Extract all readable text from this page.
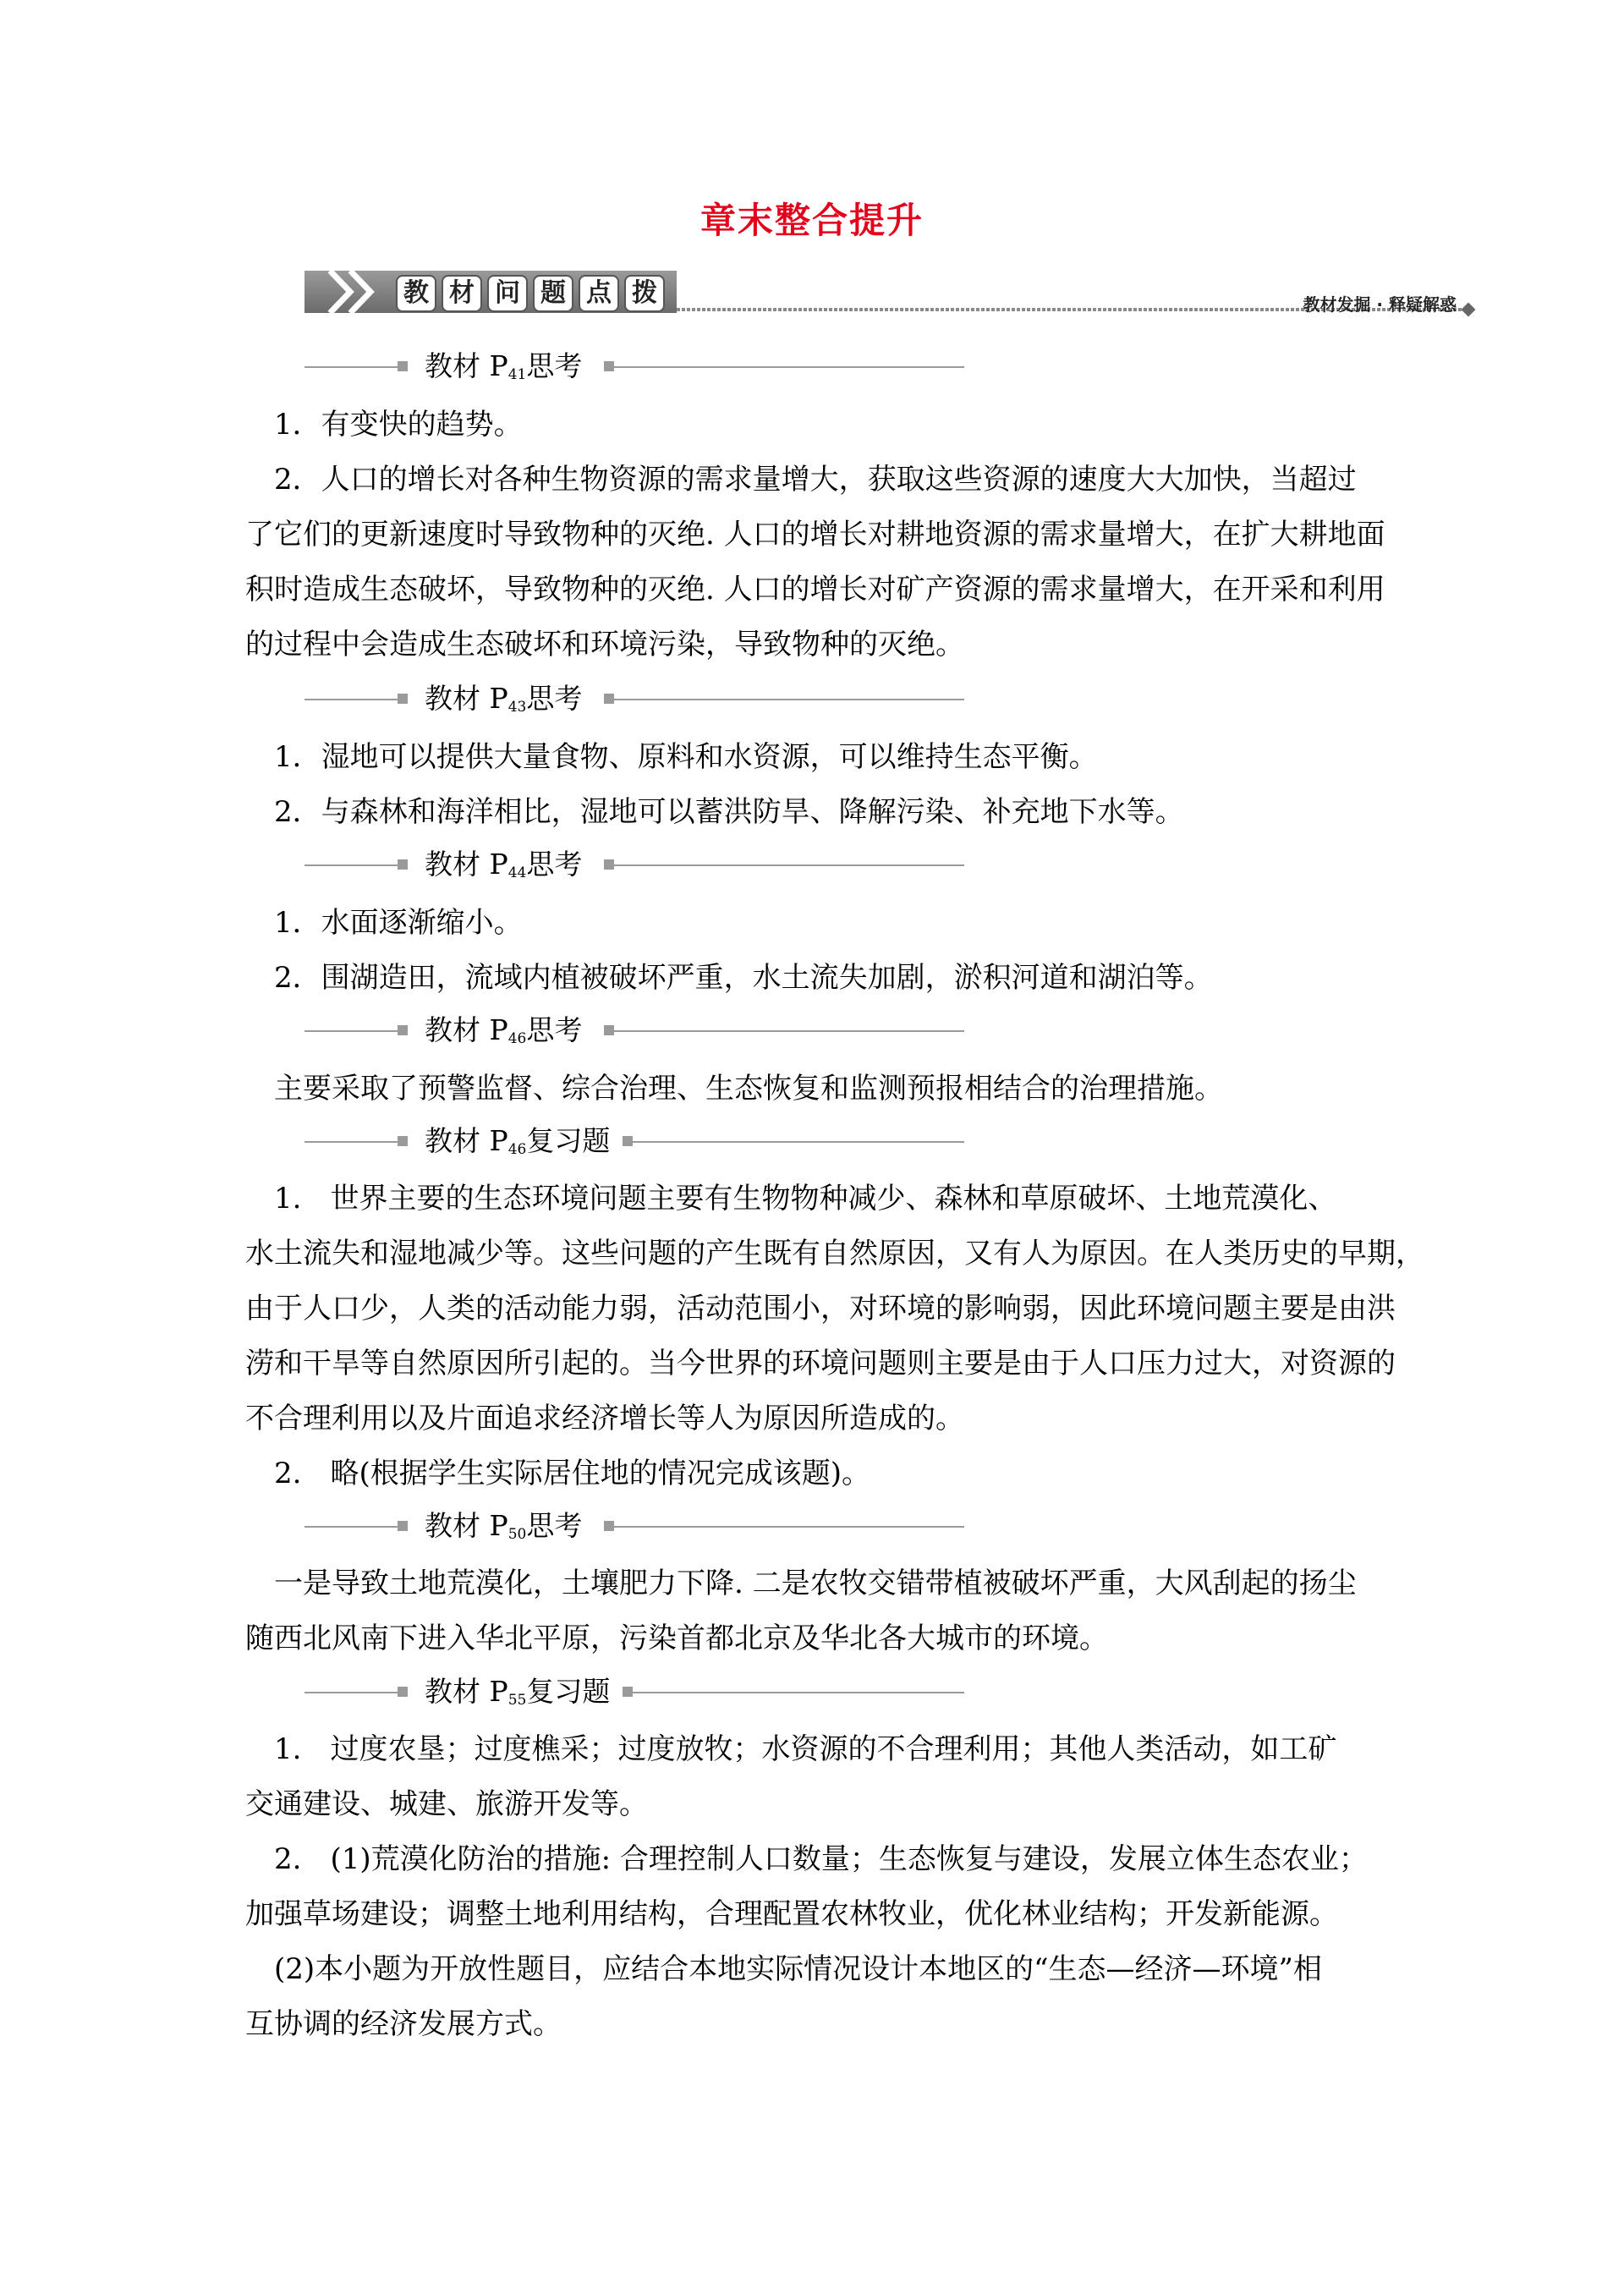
章末整合提升
教 材 问 题 点 拨	教材发掘 · 释疑解惑
教材 $P_{41}$思考
　1．有变快的趋势。
　2．人口的增长对各种生物资源的需求量增大，获取这些资源的速度大大加快，当超过
了它们的更新速度时导致物种的灭绝. 人口的增长对耕地资源的需求量增大，在扩大耕地面
积时造成生态破坏，导致物种的灭绝. 人口的增长对矿产资源的需求量增大，在开采和利用
的过程中会造成生态破坏和环境污染，导致物种的灭绝。
教材 $P_{43}$思考
　1．湿地可以提供大量食物、原料和水资源，可以维持生态平衡。
　2．与森林和海洋相比，湿地可以蓄洪防旱、降解污染、补充地下水等。
教材 $P_{44}$思考
　1．水面逐渐缩小。
　2．围湖造田，流域内植被破坏严重，水土流失加剧，淤积河道和湖泊等。
教材 $P_{46}$思考
　主要采取了预警监督、综合治理、生态恢复和监测预报相结合的治理措施。
教材 $P_{46}$复习题
　1.　世界主要的生态环境问题主要有生物物种减少、森林和草原破坏、土地荒漠化、
水土流失和湿地减少等。这些问题的产生既有自然原因，又有人为原因。在人类历史的早期，
由于人口少，人类的活动能力弱，活动范围小，对环境的影响弱，因此环境问题主要是由洪
涝和干旱等自然原因所引起的。当今世界的环境问题则主要是由于人口压力过大，对资源的
不合理利用以及片面追求经济增长等人为原因所造成的。
　2.　略(根据学生实际居住地的情况完成该题)。
教材 $P_{50}$思考
　一是导致土地荒漠化，土壤肥力下降. 二是农牧交错带植被破坏严重，大风刮起的扬尘
随西北风南下进入华北平原，污染首都北京及华北各大城市的环境。
教材 $P_{55}$复习题
　1.　过度农垦；过度樵采；过度放牧；水资源的不合理利用；其他人类活动，如工矿
交通建设、城建、旅游开发等。
　2.　(1)荒漠化防治的措施: 合理控制人口数量；生态恢复与建设，发展立体生态农业；
加强草场建设；调整土地利用结构，合理配置农林牧业，优化林业结构；开发新能源。
　(2)本小题为开放性题目，应结合本地实际情况设计本地区的“生态—经济—环境”相
互协调的经济发展方式。
